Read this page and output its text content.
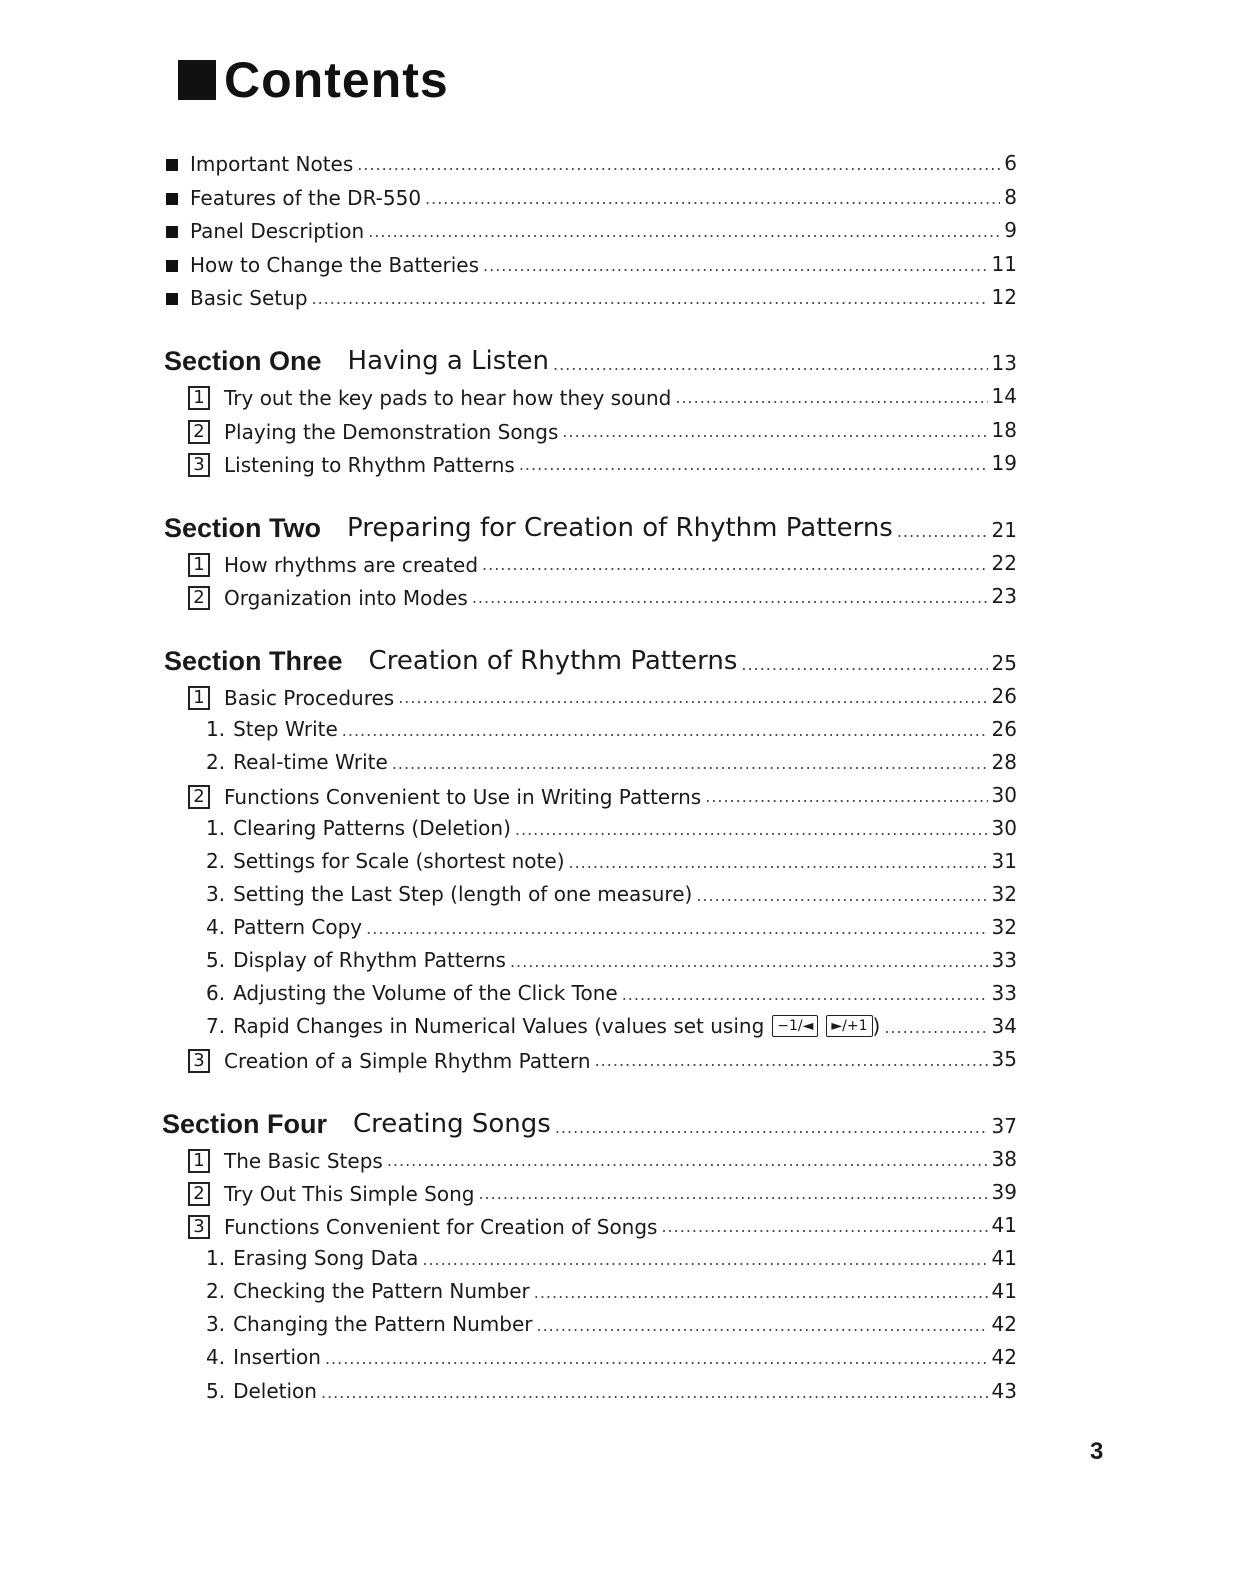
Contents
Important Notes .....	6
Features of the DR-550 .....	8
Panel Description .....	9
How to Change the Batteries .....	11
Basic Setup .....	12
Section One Having a Listen .....	13
1 Try out the key pads to hear how they sound .....	14
2 Playing the Demonstration Songs .....	18
3 Listening to Rhythm Patterns .....	19
Section Two Preparing for Creation of Rhythm Patterns .....	21
1 How rhythms are created .....	22
2 Organization into Modes .....	23
Section Three Creation of Rhythm Patterns .....	25
1 Basic Procedures .....	26
1. Step Write .....	26
2. Real-time Write .....	28
2 Functions Convenient to Use in Writing Patterns .....	30
1. Clearing Patterns (Deletion) .....	30
2. Settings for Scale (shortest note) .....	31
3. Setting the Last Step (length of one measure) .....	32
4. Pattern Copy .....	32
5. Display of Rhythm Patterns .....	33
6. Adjusting the Volume of the Click Tone .....	33
7. Rapid Changes in Numerical Values (values set using −1/◄	►/+1 ) .....	34
3 Creation of a Simple Rhythm Pattern .....	35
Section Four Creating Songs .....	37
1 The Basic Steps .....	38
2 Try Out This Simple Song .....	39
3 Functions Convenient for Creation of Songs .....	41
1. Erasing Song Data .....	41
2. Checking the Pattern Number .....	41
3. Changing the Pattern Number .....	42
4. Insertion .....	42
5. Deletion .....	43
3
